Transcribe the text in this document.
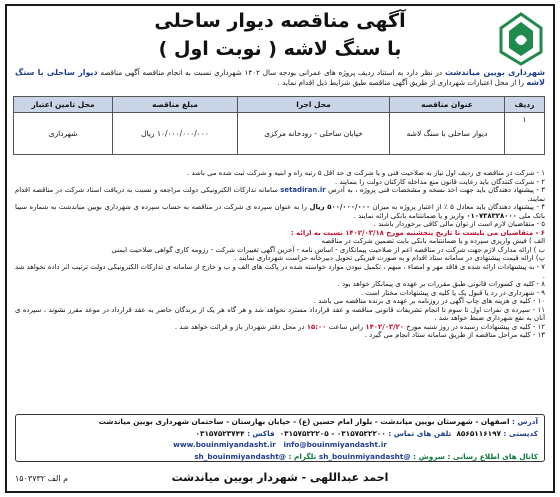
آگهی مناقصه دیوار ساحلی
با سنگ لاشه ( نوبت اول )
شهرداری بویین میاندشت در نظر دارد به استناد ردیف پروژه های عمرانی بودجه سال ۱۴۰۲ شهرداری نسبت به انجام مناقصه آگهی مناقصه دیوار ساحلی با سنگ لاشه را از محل اعتبارات شهرداری از طریق آگهی مناقصه طبق شرایط ذیل اقدام نماید .
ردیف	عنوان مناقصه	محل اجرا	مبلغ مناقصه	محل تامین اعتبار
۱	دیوار ساحلی با سنگ لاشه	خیابان ساحلی - رودخانه مرکزی	۱۰/۰۰۰/۰۰۰/۰۰۰ ریال	شهرداری

۱ - شرکت در مناقصه ی ردیف اول نیاز به صلاحیت فنی و یا شرکت ی حد اقل ۵ رتبه راه و ابنیه و شرکت ثبت شده می باشد .

۲ - شرکت کنندگان باید رعایت قانون منع مداخله کارکنان دولت را بنمایند .

۳ - پیشنهاد دهندگان باید جهت اخذ نسخه و مشخصات فنی پروژه ، به آدرس setadiran.ir سامانه تدارکات الکترونیکی دولت مراجعه و نسبت به دریافت اسناد شرکت در مناقصه اقدام نمایند.

۴ - پیشنهاد دهندگان باید معادل ۵ ٪ از اعتبار پروژه به میزان ۵۰۰/۰۰۰/۰۰۰ ریال را به عنوان سپرده ی شرکت در مناقصه به حساب سپرده ی شهرداری بویین میاندشت به شماره سیبا بانک ملی ۰۱۰۷۳۸۳۲۸۰۰۰ واریز و یا ضمانتنامه بانکی ارائه نمایند .

۵ - متقاضیان لازم است از توان مالی کافی برخوردار باشند .

۶ - متقاضیان می بایست تا تاریخ پنجشنبه مورخ ۱۴۰۲/۰۳/۱۸ نسبت به ارائه :

الف ) فیش واریزی سپرده و یا ضمانتنامه بانکی بابت تضمین شرکت در مناقصه

ب ) ارائه مدارک لازم جهت شرکت در مناقصه اعم از صلاحیت پیمانکاری - اساس نامه - آخرین آگهی تغییرات شرکت - رزومه کاری گواهی صلاحیت ایمنی

پ) ارائه قیمت پیشنهادی در سامانه ستاد اقدام و به صورت فیزیکی تحویل دبیرخانه حراست شهرداری نمایند .

۷ - به پیشنهادات ارائه شده ی فاقد مهر و امضاء ، مبهم ، تکمیل نبودن موارد خواسته شده در پاکت های الف و ب و خارج از سامانه ی تدارکات الکترونیکی دولت ترتیب اثر داده نخواهد شد .

۸ - کلیه ی کسورات قانونی طبق مقررات بر عهده ی پیمانکار خواهد بود .

۹ - شهرداری در رد یا قبول یک یا کلیه ی پیشنهادات مختار است .

۱۰ - کلیه ی هزینه های چاپ آگهی در روزنامه بر عهده ی برنده مناقصه می باشد .

۱۱ - سپرده ی نفرات اول تا سوم تا انجام تشریفات قانونی مناقصه و عقد قرارداد مسترد نخواهد شد و هر گاه هر یک از برندگان حاضر به عقد قرارداد در موعد مقرر نشوند ، سپرده ی آنان به نفع شهرداری ضبط خواهد شد .

۱۲ - کلیه ی پیشنهادات رسیده در روز شنبه مورخ ۱۴۰۲/۰۳/۲۰ راس ساعت ۱۵:۰۰ در محل دفتر شهردار باز و قرائت خواهد شد .

۱۳ - کلیه مراحل مناقصه از طریق سامانه ستاد انجام می گیرد .

آدرس : اصفهان - شهرستان بویین میاندشت - بلوار امام حسین (ع) - خیابان بهارستان - ساختمان شهرداری بویین میاندشت
کدپستی : ۸۵۶۵۱۱۶۱۹۷  تلفن های تماس : ۰۳۱۵۷۵۲۲۲۰۰ - ۰۳۱۵۷۵۲۲۲۰۵  فاکس : ۰۳۱۵۷۵۲۳۷۴۴
www.bouinmiyandasht.ir info@bouinmiyandasht.ir
کانال های اطلاع رسانی : سروش : @sh_bouinmiyandasht تلگرام : @sh_bouinmiyandasht
احمد عبداللهی - شهردار بویین میاندشت
م الف ۱۵۰۳۷۳۲
